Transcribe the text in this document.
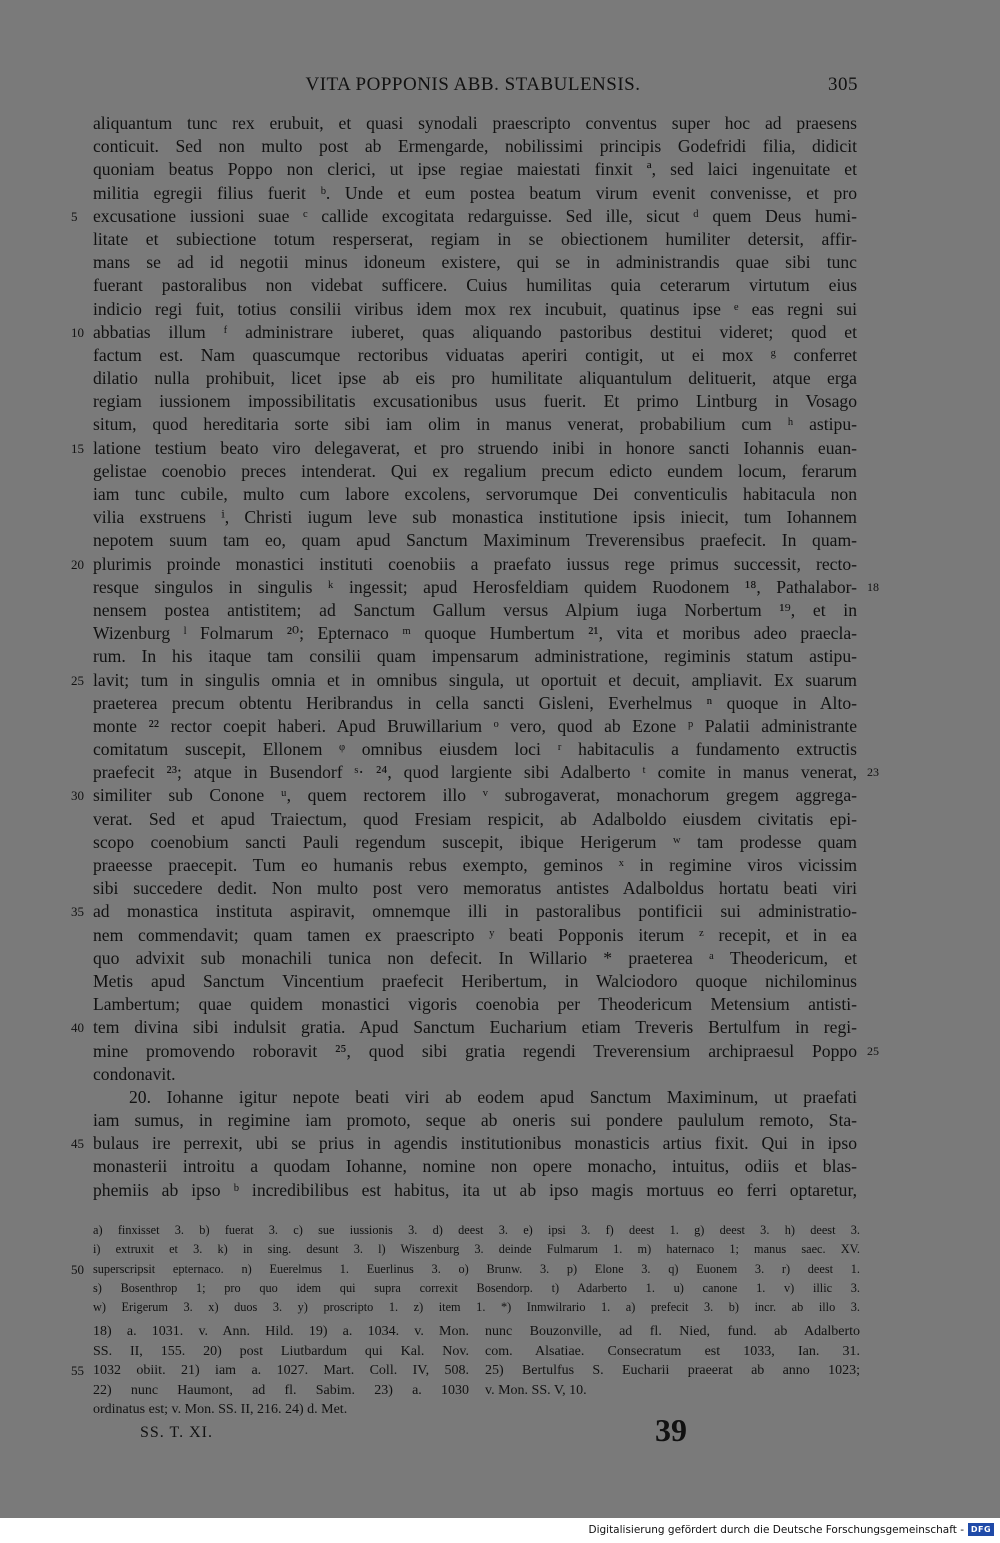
VITA POPPONIS ABB. STABULENSIS.	305
aliquantum tunc rex erubuit, et quasi synodali praescripto conventus super hoc ad praesens
conticuit. Sed non multo post ab Ermengarde, nobilissimi principis Godefridi filia, didicit
quoniam beatus Poppo non clerici, ut ipse regiae maiestati finxit ª, sed laici ingenuitate et
militia egregii filius fuerit ᵇ. Unde et eum postea beatum virum evenit convenisse, et pro
excusatione iussioni suae ᶜ callide excogitata redarguisse. Sed ille, sicut ᵈ quem Deus humi-
5
litate et subiectione totum resperserat, regiam in se obiectionem humiliter detersit, affir-
mans se ad id negotii minus idoneum existere, qui se in administrandis quae sibi tunc
fuerant pastoralibus non videbat sufficere. Cuius humilitas quia ceterarum virtutum eius
indicio regi fuit, totius consilii viribus idem mox rex incubuit, quatinus ipse ᵉ eas regni sui
abbatias illum ᶠ administrare iuberet, quas aliquando pastoribus destitui videret; quod et
10
factum est. Nam quascumque rectoribus viduatas aperiri contigit, ut ei mox ᵍ conferret
dilatio nulla prohibuit, licet ipse ab eis pro humilitate aliquantulum delituerit, atque erga
regiam iussionem impossibilitatis excusationibus usus fuerit. Et primo Lintburg in Vosago
situm, quod hereditaria sorte sibi iam olim in manus venerat, probabilium cum ʰ astipu-
latione testium beato viro delegaverat, et pro struendo inibi in honore sancti Iohannis euan-
15
gelistae coenobio preces intenderat. Qui ex regalium precum edicto eundem locum, ferarum
iam tunc cubile, multo cum labore excolens, servorumque Dei conventiculis habitacula non
vilia exstruens ⁱ, Christi iugum leve sub monastica institutione ipsis iniecit, tum Iohannem
nepotem suum tam eo, quam apud Sanctum Maximinum Treverensibus praefecit. In quam-
plurimis proinde monastici instituti coenobiis a praefato iussus rege primus successit, recto-
20
resque singulos in singulis ᵏ ingessit; apud Herosfeldiam quidem Ruodonem ¹⁸, Pathalabor- 18
nensem postea antistitem; ad Sanctum Gallum versus Alpium iuga Norbertum ¹⁹, et in
Wizenburg ˡ Folmarum ²⁰; Epternaco ᵐ quoque Humbertum ²¹, vita et moribus adeo praecla-
rum. In his itaque tam consilii quam impensarum administratione, regiminis statum astipu-
lavit; tum in singulis omnia et in omnibus singula, ut oportuit et decuit, ampliavit. Ex suarum
25
praeterea precum obtentu Heribrandus in cella sancti Gisleni, Everhelmus ⁿ quoque in Alto-
monte ²² rector coepit haberi. Apud Bruwillarium ᵒ vero, quod ab Ezone ᵖ Palatii administrante
comitatum suscepit, Ellonem ᵠ omnibus eiusdem loci ʳ habitaculis a fundamento extructis
praefecit ²³; atque in Busendorf ˢ· ²⁴, quod largiente sibi Adalberto ᵗ comite in manus venerat, 23
similiter sub Conone ᵘ, quem rectorem illo ᵛ subrogaverat, monachorum gregem aggrega-
30
verat. Sed et apud Traiectum, quod Fresiam respicit, ab Adalboldo eiusdem civitatis epi-
scopo coenobium sancti Pauli regendum suscepit, ibique Herigerum ʷ tam prodesse quam
praeesse praecepit. Tum eo humanis rebus exempto, geminos ˣ in regimine viros vicissim
sibi succedere dedit. Non multo post vero memoratus antistes Adalboldus hortatu beati viri
ad monastica instituta aspiravit, omnemque illi in pastoralibus pontificii sui administratio-
35
nem commendavit; quam tamen ex praescripto ʸ beati Popponis iterum ᶻ recepit, et in ea
quo advixit sub monachili tunica non defecit. In Willario * praeterea ᵃ Theodericum, et
Metis apud Sanctum Vincentium praefecit Heribertum, in Walciodoro quoque nichilominus
Lambertum; quae quidem monastici vigoris coenobia per Theodericum Metensium antisti-
tem divina sibi indulsit gratia. Apud Sanctum Eucharium etiam Treveris Bertulfum in regi-
40
mine promovendo roboravit ²⁵, quod sibi gratia regendi Treverensium archipraesul Poppo 25
condonavit.
20. Iohanne igitur nepote beati viri ab eodem apud Sanctum Maximinum, ut praefati
iam sumus, in regimine iam promoto, seque ab oneris sui pondere paululum remoto, Sta-
bulaus ire perrexit, ubi se prius in agendis institutionibus monasticis artius fixit. Qui in ipso
45
monasterii introitu a quodam Iohanne, nomine non opere monacho, intuitus, odiis et blas-
phemiis ab ipso ᵇ incredibilibus est habitus, ita ut ab ipso magis mortuus eo ferri optaretur,
a) finxisset 3. b) fuerat 3. c) sue iussionis 3. d) deest 3. e) ipsi 3. f) deest 1. g) deest 3. h) deest 3.
i) extruxit et 3. k) in sing. desunt 3. l) Wiszenburg 3. deinde Fulmarum 1. m) haternaco 1; manus saec. XV.
superscripsit epternaco. n) Euerelmus 1. Euerlinus 3. o) Brunw. 3. p) Elone 3. q) Euonem 3. r) deest 1.
50
s) Bosenthrop 1; pro quo idem qui supra correxit Bosendorp. t) Adarberto 1. u) canone 1. v) illic 3.
w) Erigerum 3. x) duos 3. y) proscripto 1. z) item 1. *) Inmwilrario 1. a) prefecit 3. b) incr. ab illo 3.
18) a. 1031. v. Ann. Hild. 19) a. 1034. v. Mon. nunc Bouzonville, ad fl. Nied, fund. ab Adalberto
SS. II, 155. 20) post Liutbardum qui Kal. Nov. com. Alsatiae. Consecratum est 1033, Ian. 31.
1032 obiit. 21) iam a. 1027. Mart. Coll. IV, 508. 25) Bertulfus S. Eucharii praeerat ab anno 1023;
55
22) nunc Haumont, ad fl. Sabim. 23) a. 1030 v. Mon. SS. V, 10.
ordinatus est; v. Mon. SS. II, 216. 24) d. Met.
SS. T. XI.	39
Digitalisierung gefördert durch die Deutsche Forschungsgemeinschaft - DFG
